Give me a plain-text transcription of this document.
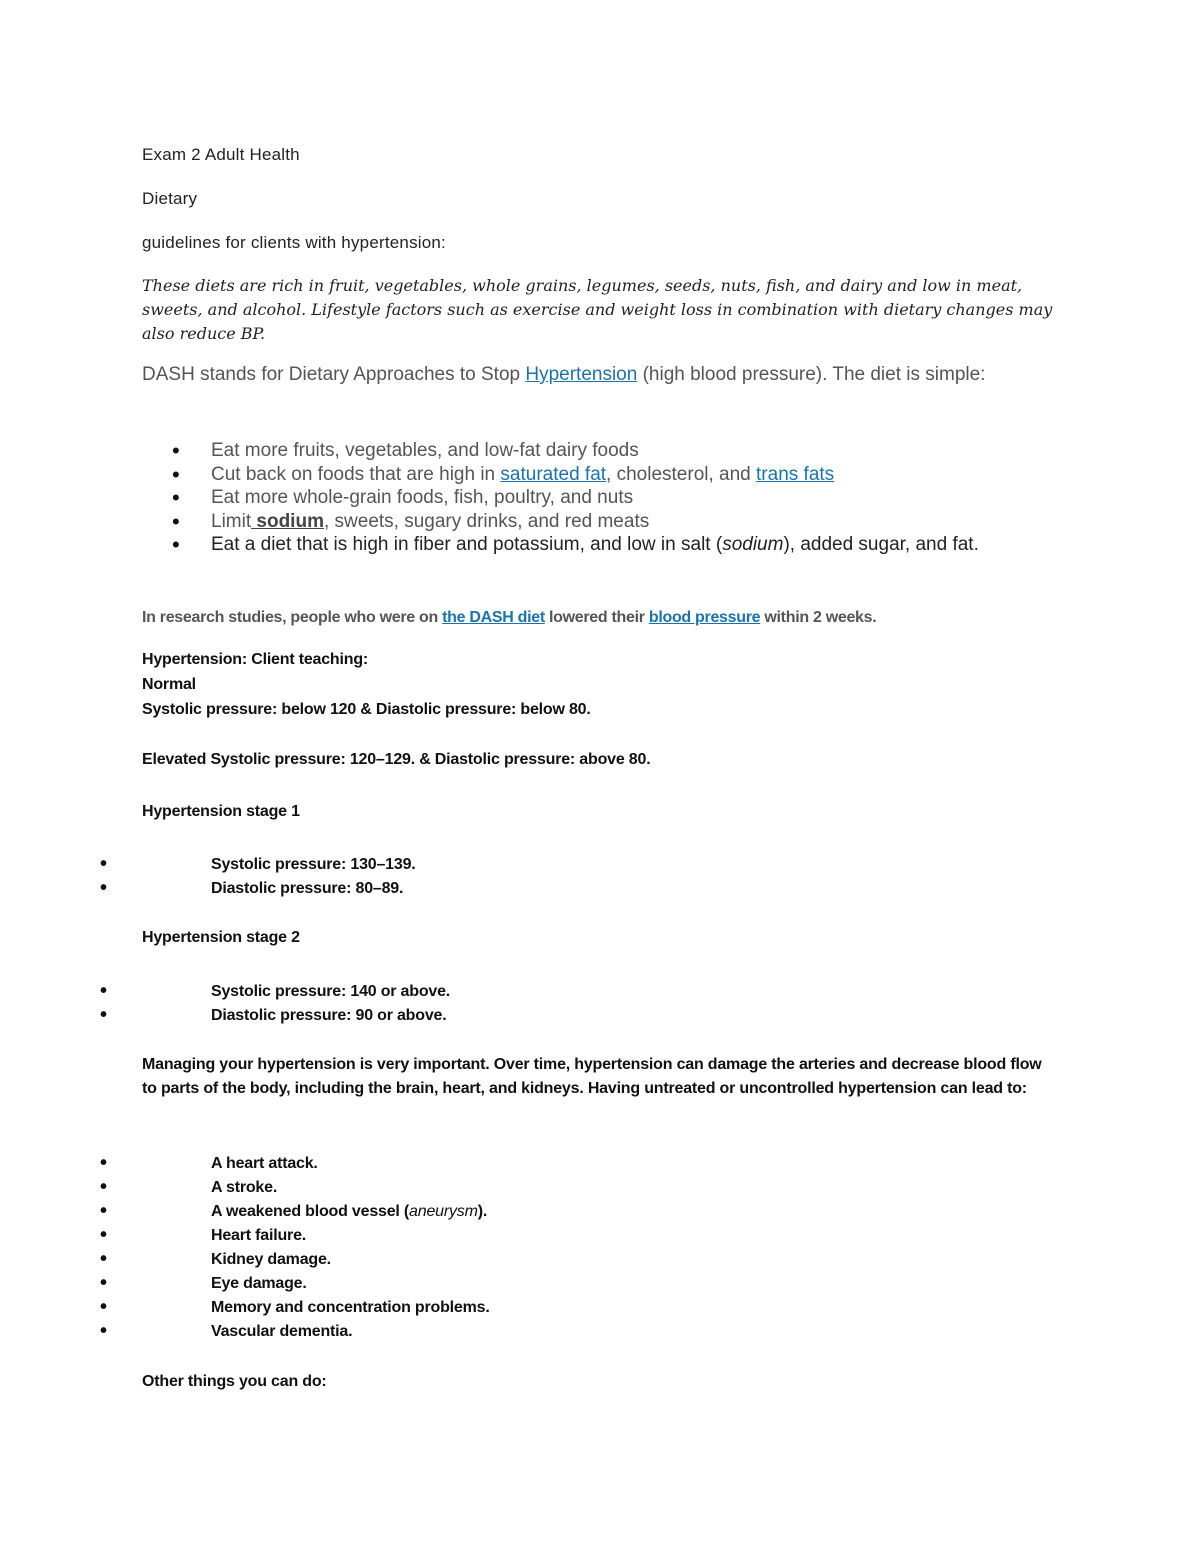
Exam 2 Adult Health
Dietary
guidelines for clients with hypertension:
These diets are rich in fruit, vegetables, whole grains, legumes, seeds, nuts, fish, and dairy and low in meat, sweets, and alcohol. Lifestyle factors such as exercise and weight loss in combination with dietary changes may also reduce BP.
DASH stands for Dietary Approaches to Stop Hypertension (high blood pressure). The diet is simple:
• Eat more fruits, vegetables, and low-fat dairy foods
• Cut back on foods that are high in saturated fat, cholesterol, and trans fats
• Eat more whole-grain foods, fish, poultry, and nuts
• Limit sodium, sweets, sugary drinks, and red meats
• Eat a diet that is high in fiber and potassium, and low in salt (sodium), added sugar, and fat.
In research studies, people who were on the DASH diet lowered their blood pressure within 2 weeks.
Hypertension: Client teaching:
Normal
Systolic pressure: below 120 & Diastolic pressure: below 80.
Elevated Systolic pressure: 120–129. & Diastolic pressure: above 80.
Hypertension stage 1
• Systolic pressure: 130–139.
• Diastolic pressure: 80–89.
Hypertension stage 2
• Systolic pressure: 140 or above.
• Diastolic pressure: 90 or above.
Managing your hypertension is very important. Over time, hypertension can damage the arteries and decrease blood flow to parts of the body, including the brain, heart, and kidneys. Having untreated or uncontrolled hypertension can lead to:
• A heart attack.
• A stroke.
• A weakened blood vessel (aneurysm).
• Heart failure.
• Kidney damage.
• Eye damage.
• Memory and concentration problems.
• Vascular dementia.
Other things you can do:
